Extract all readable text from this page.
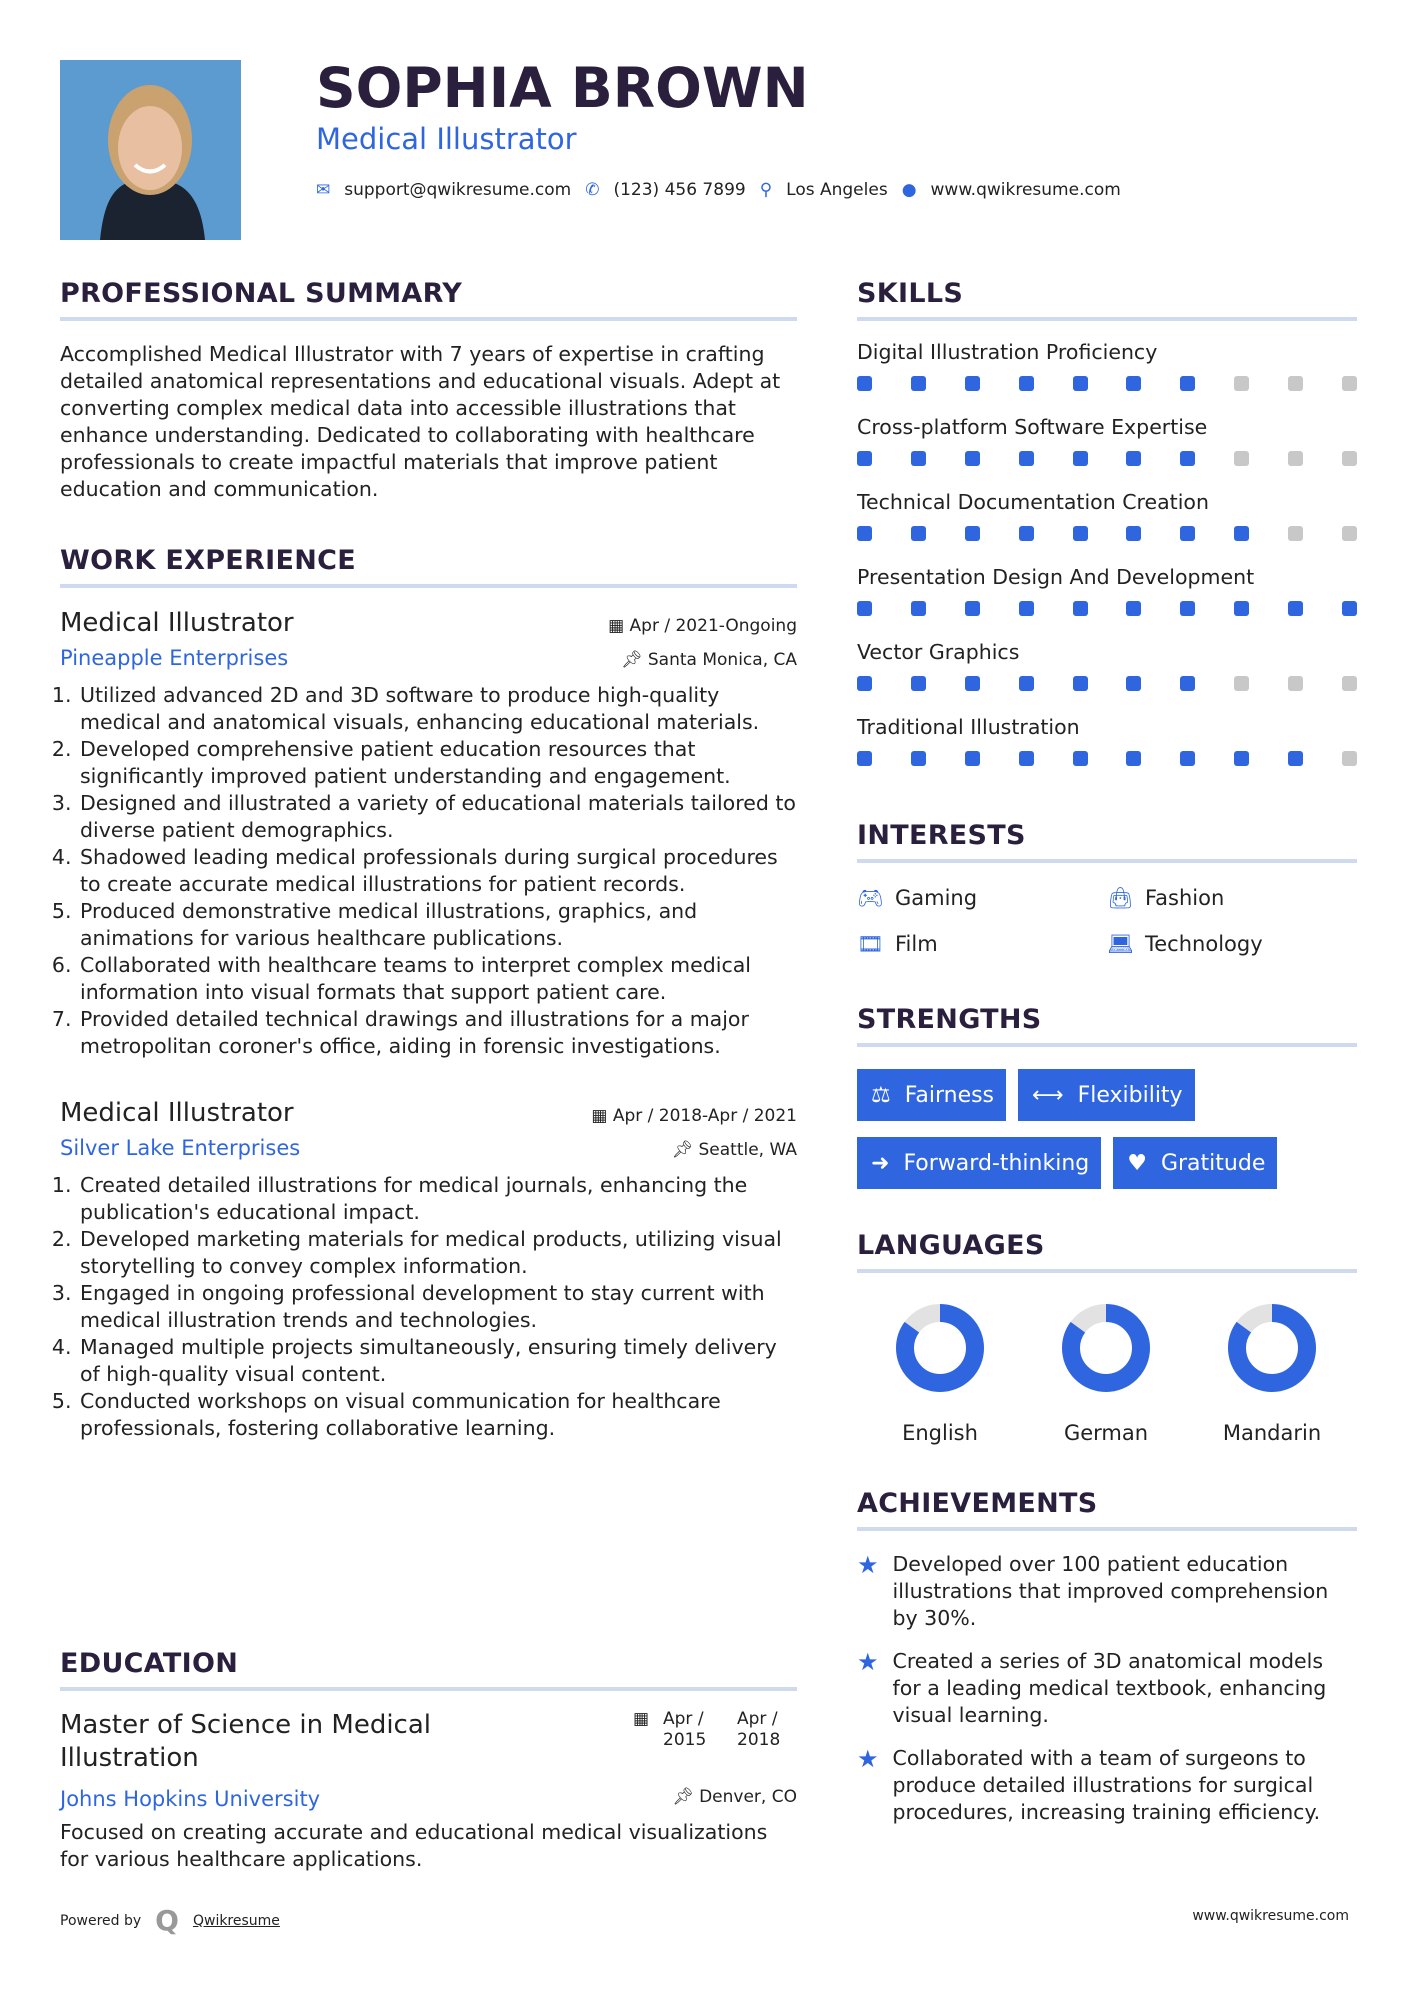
SOPHIA BROWN
Medical Illustrator
✉ support@qwikresume.com ✆ (123) 456 7899 ⚲ Los Angeles ● www.qwikresume.com
PROFESSIONAL SUMMARY
Accomplished Medical Illustrator with 7 years of expertise in crafting detailed anatomical representations and educational visuals. Adept at converting complex medical data into accessible illustrations that enhance understanding. Dedicated to collaborating with healthcare professionals to create impactful materials that improve patient education and communication.
WORK EXPERIENCE
Medical Illustrator	▦ Apr / 2021-Ongoing
Pineapple Enterprises	📌︎ Santa Monica, CA
1. Utilized advanced 2D and 3D software to produce high-quality medical and anatomical visuals, enhancing educational materials.
2. Developed comprehensive patient education resources that significantly improved patient understanding and engagement.
3. Designed and illustrated a variety of educational materials tailored to diverse patient demographics.
4. Shadowed leading medical professionals during surgical procedures to create accurate medical illustrations for patient records.
5. Produced demonstrative medical illustrations, graphics, and animations for various healthcare publications.
6. Collaborated with healthcare teams to interpret complex medical information into visual formats that support patient care.
7. Provided detailed technical drawings and illustrations for a major metropolitan coroner's office, aiding in forensic investigations.
Medical Illustrator	▦ Apr / 2018-Apr / 2021
Silver Lake Enterprises	📌︎ Seattle, WA
1. Created detailed illustrations for medical journals, enhancing the publication's educational impact.
2. Developed marketing materials for medical products, utilizing visual storytelling to convey complex information.
3. Engaged in ongoing professional development to stay current with medical illustration trends and technologies.
4. Managed multiple projects simultaneously, ensuring timely delivery of high-quality visual content.
5. Conducted workshops on visual communication for healthcare professionals, fostering collaborative learning.
EDUCATION
Master of Science in Medical Illustration
▦ Apr / 2015
Apr / 2018
Johns Hopkins University	📌︎ Denver, CO
Focused on creating accurate and educational medical visualizations for various healthcare applications.
Powered by Q Qwikresume	www.qwikresume.com
SKILLS
Digital Illustration Proficiency
Cross-platform Software Expertise
Technical Documentation Creation
Presentation Design And Development
Vector Graphics
Traditional Illustration
INTERESTS
🎮︎ Gaming	👜︎ Fashion
🎞︎ Film	💻︎ Technology
STRENGTHS
⚖ Fairness ⟷ Flexibility

➜ Forward-thinking ♥ Gratitude
LANGUAGES
English	German	Mandarin
ACHIEVEMENTS
★ Developed over 100 patient education illustrations that improved comprehension by 30%.
★ Created a series of 3D anatomical models for a leading medical textbook, enhancing visual learning.
★ Collaborated with a team of surgeons to produce detailed illustrations for surgical procedures, increasing training efficiency.
